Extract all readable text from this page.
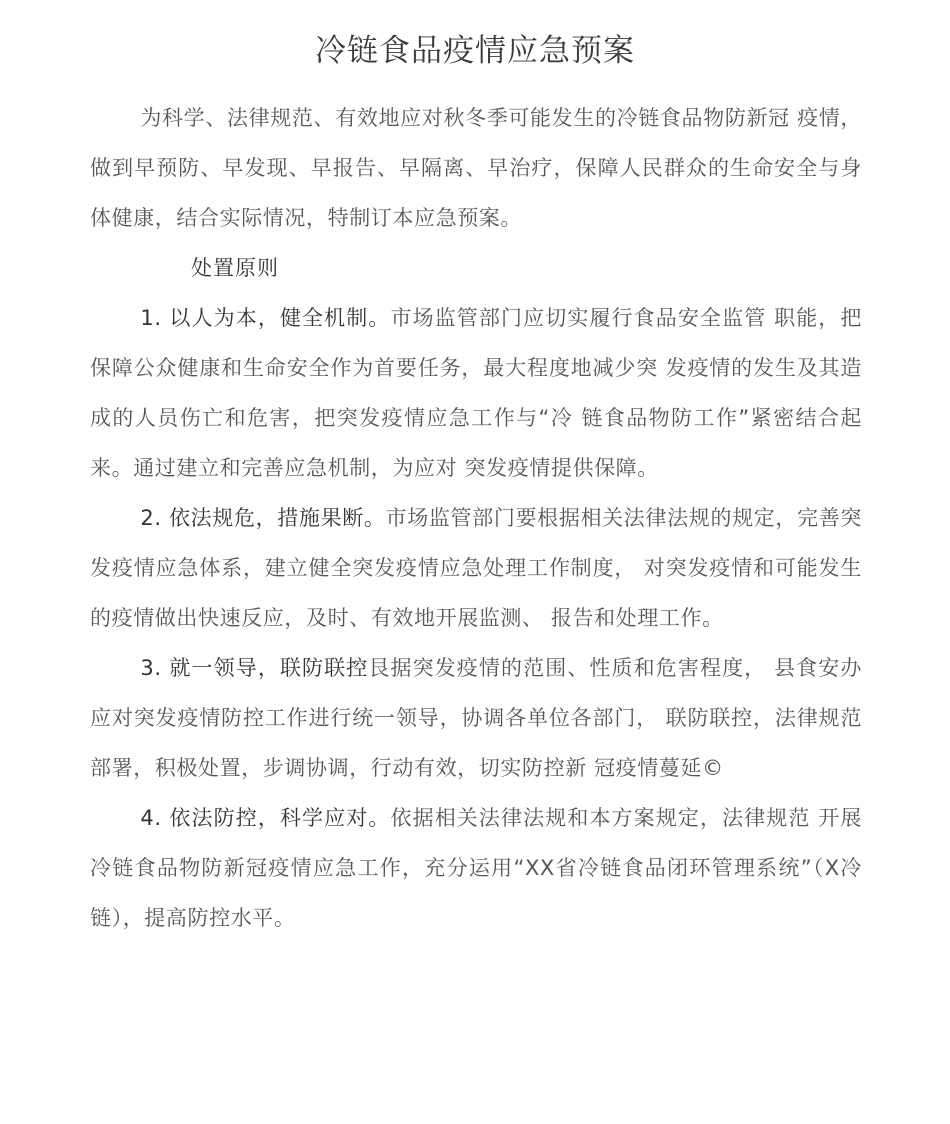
冷链食品疫情应急预案

为科学、法律规范、有效地应对秋冬季可能发生的冷链食品物防新冠 疫情，做到早预防、早发现、早报告、早隔离、早治疗，保障人民群众的生命安全与身体健康，结合实际情况，特制订本应急预案。

处置原则

1. 以人为本，健全机制。市场监管部门应切实履行食品安全监管 职能，把保障公众健康和生命安全作为首要任务，最大程度地减少突 发疫情的发生及其造成的人员伤亡和危害，把突发疫情应急工作与“冷 链食品物防工作”紧密结合起来。通过建立和完善应急机制，为应对 突发疫情提供保障。

2. 依法规危，措施果断。市场监管部门要根据相关法律法规的规定，完善突发疫情应急体系，建立健全突发疫情应急处理工作制度， 对突发疫情和可能发生的疫情做出快速反应，及时、有效地开展监测、 报告和处理工作。

3. 就一领导，联防联控艮据突发疫情的范围、性质和危害程度， 县食安办应对突发疫情防控工作进行统一领导，协调各单位各部门， 联防联控，法律规范部署，积极处置，步调协调，行动有效，切实防控新 冠疫情蔓延©

4. 依法防控，科学应对。依据相关法律法规和本方案规定，法律规范 开展冷链食品物防新冠疫情应急工作，充分运用“XX省冷链食品闭环管理系统”（X冷链），提高防控水平。
